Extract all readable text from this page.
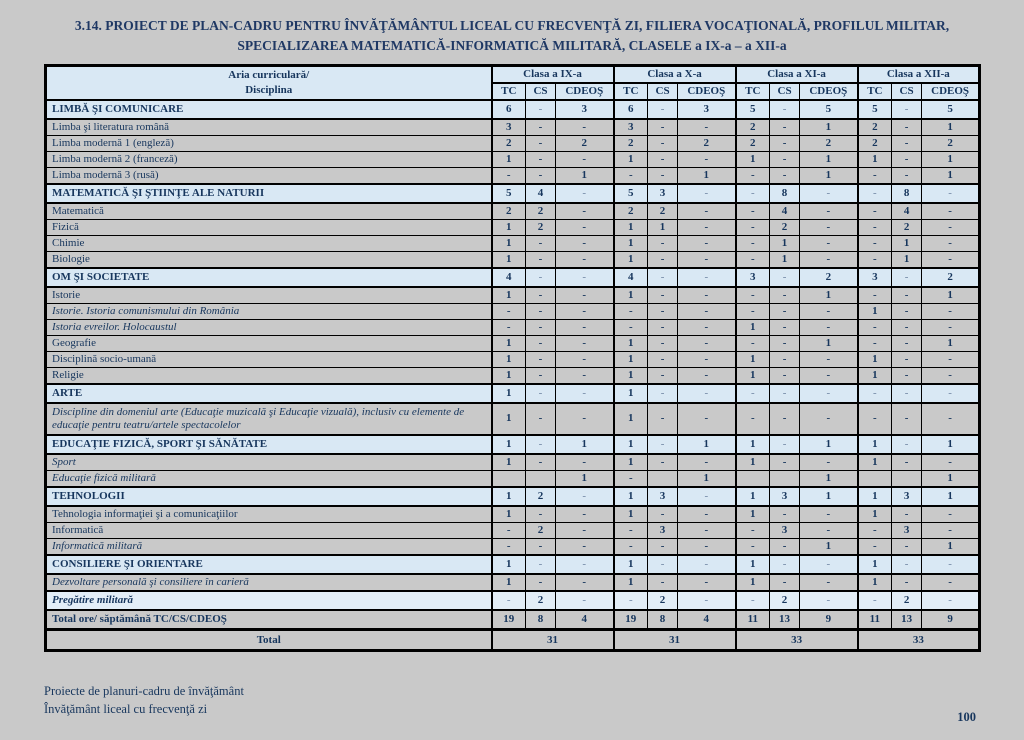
3.14. PROIECT DE PLAN-CADRU PENTRU ÎNVĂŢĂMÂNTUL LICEAL CU FRECVENŢĂ ZI, FILIERA VOCAŢIONALĂ, PROFILUL MILITAR,
SPECIALIZAREA MATEMATICĂ-INFORMATICĂ MILITARĂ, CLASELE a IX-a – a XII-a
Aria curriculară/
Disciplina	Clasa a IX-a			Clasa a X-a			Clasa a XI-a			Clasa a XII-a		
	TC	CS	CDEOŞ	TC	CS	CDEOŞ	TC	CS	CDEOŞ	TC	CS	CDEOŞ
LIMBĂ ŞI COMUNICARE	6	-	3	6	-	3	5	-	5	5	-	5
Limba şi literatura română	3	-	-	3	-	-	2	-	1	2	-	1
Limba modernă 1 (engleză)	2	-	2	2	-	2	2	-	2	2	-	2
Limba modernă 2 (franceză)	1	-	-	1	-	-	1	-	1	1	-	1
Limba modernă 3 (rusă)	-	-	1	-	-	1	-	-	1	-	-	1
MATEMATICĂ ŞI ŞTIINŢE ALE NATURII	5	4	-	5	3	-	-	8	-	-	8	-
Matematică	2	2	-	2	2	-	-	4	-	-	4	-
Fizică	1	2	-	1	1	-	-	2	-	-	2	-
Chimie	1	-	-	1	-	-	-	1	-	-	1	-
Biologie	1	-	-	1	-	-	-	1	-	-	1	-
OM ŞI SOCIETATE	4	-	-	4	-	-	3	-	2	3	-	2
Istorie	1	-	-	1	-	-	-	-	1	-	-	1
Istorie. Istoria comunismului din România	-	-	-	-	-	-	-	-	-	1	-	-
Istoria evreilor. Holocaustul	-	-	-	-	-	-	1	-	-	-	-	-
Geografie	1	-	-	1	-	-	-	-	1	-	-	1
Disciplină socio-umană	1	-	-	1	-	-	1	-	-	1	-	-
Religie	1	-	-	1	-	-	1	-	-	1	-	-
ARTE	1	-	-	1	-	-	-	-	-	-	-	-
Discipline din domeniul arte (Educaţie muzicală şi Educaţie vizuală), inclusiv cu elemente de educaţie pentru teatru/artele spectacolelor	1	-	-	1	-	-	-	-	-	-	-	-
EDUCAŢIE FIZICĂ, SPORT ŞI SĂNĂTATE	1	-	1	1	-	1	1	-	1	1	-	1
Sport	1	-	-	1	-	-	1	-	-	1	-	-
Educaţie fizică militară			1	-		1			1			1
TEHNOLOGII	1	2	-	1	3	-	1	3	1	1	3	1
Tehnologia informaţiei şi a comunicaţiilor	1	-	-	1	-	-	1	-	-	1	-	-
Informatică	-	2	-	-	3	-	-	3	-	-	3	-
Informatică militară	-	-	-	-	-	-	-	-	1	-	-	1
CONSILIERE ŞI ORIENTARE	1	-	-	1	-	-	1	-	-	1	-	-
Dezvoltare personală şi consiliere în carieră	1	-	-	1	-	-	1	-	-	1	-	-
Pregătire militară	-	2	-	-	2	-	-	2	-	-	2	-
Total ore/ săptămână TC/CS/CDEOŞ	19	8	4	19	8	4	11	13	9	11	13	9
Total	31			31			33			33		
Proiecte de planuri-cadru de învăţământ
Învăţământ liceal cu frecvenţă zi
100
